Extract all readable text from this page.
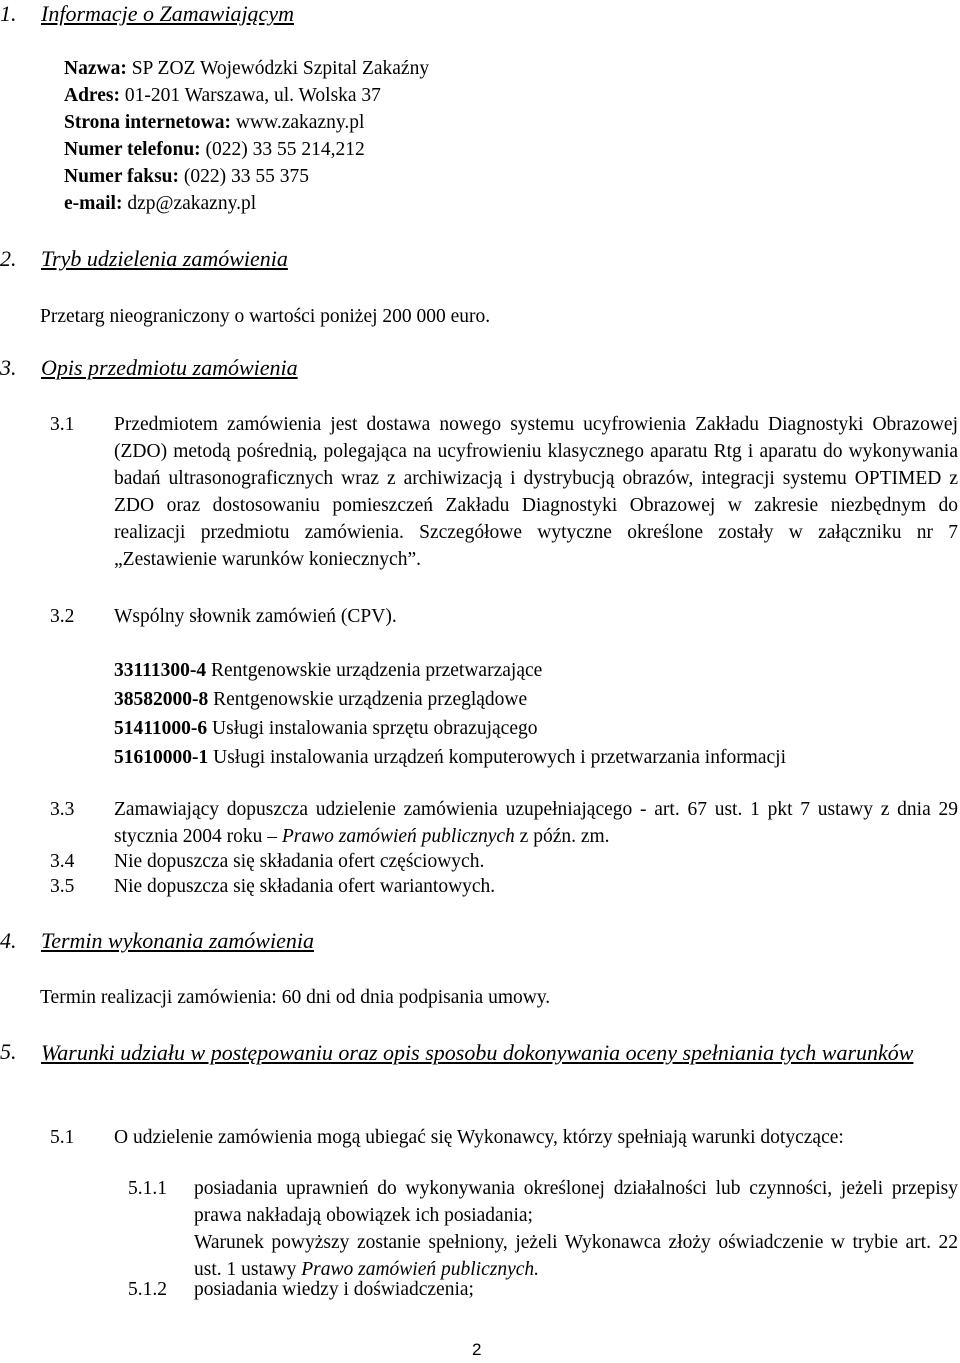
1. Informacje o Zamawiającym
Nazwa: SP ZOZ Wojewódzki Szpital Zakaźny
Adres: 01-201 Warszawa, ul. Wolska 37
Strona internetowa: www.zakazny.pl
Numer telefonu: (022) 33 55 214,212
Numer faksu: (022) 33 55 375
e-mail: dzp@zakazny.pl
2. Tryb udzielenia zamówienia
Przetarg nieograniczony o wartości poniżej 200 000 euro.
3. Opis przedmiotu zamówienia
3.1 Przedmiotem zamówienia jest dostawa nowego systemu ucyfrowienia Zakładu Diagnostyki Obrazowej (ZDO) metodą pośrednią, polegająca na ucyfrowieniu klasycznego aparatu Rtg i aparatu do wykonywania badań ultrasonograficznych wraz z archiwizacją i dystrybucją obrazów, integracji systemu OPTIMED z ZDO oraz dostosowaniu pomieszczeń Zakładu Diagnostyki Obrazowej w zakresie niezbędnym do realizacji przedmiotu zamówienia. Szczegółowe wytyczne określone zostały w załączniku nr 7 „Zestawienie warunków koniecznych”.
3.2 Wspólny słownik zamówień (CPV).
33111300-4 Rentgenowskie urządzenia przetwarzające
38582000-8 Rentgenowskie urządzenia przeglądowe
51411000-6 Usługi instalowania sprzętu obrazującego
51610000-1 Usługi instalowania urządzeń komputerowych i przetwarzania informacji
3.3 Zamawiający dopuszcza udzielenie zamówienia uzupełniającego - art. 67 ust. 1 pkt 7 ustawy z dnia 29 stycznia 2004 roku – Prawo zamówień publicznych z późn. zm.
3.4 Nie dopuszcza się składania ofert częściowych.
3.5 Nie dopuszcza się składania ofert wariantowych.
4. Termin wykonania zamówienia
Termin realizacji zamówienia: 60 dni od dnia podpisania umowy.
5. Warunki udziału w postępowaniu oraz opis sposobu dokonywania oceny spełniania tych warunków
5.1 O udzielenie zamówienia mogą ubiegać się Wykonawcy, którzy spełniają warunki dotyczące:
5.1.1 posiadania uprawnień do wykonywania określonej działalności lub czynności, jeżeli przepisy prawa nakładają obowiązek ich posiadania;
Warunek powyższy zostanie spełniony, jeżeli Wykonawca złoży oświadczenie w trybie art. 22 ust. 1 ustawy Prawo zamówień publicznych.
5.1.2 posiadania wiedzy i doświadczenia;
2
